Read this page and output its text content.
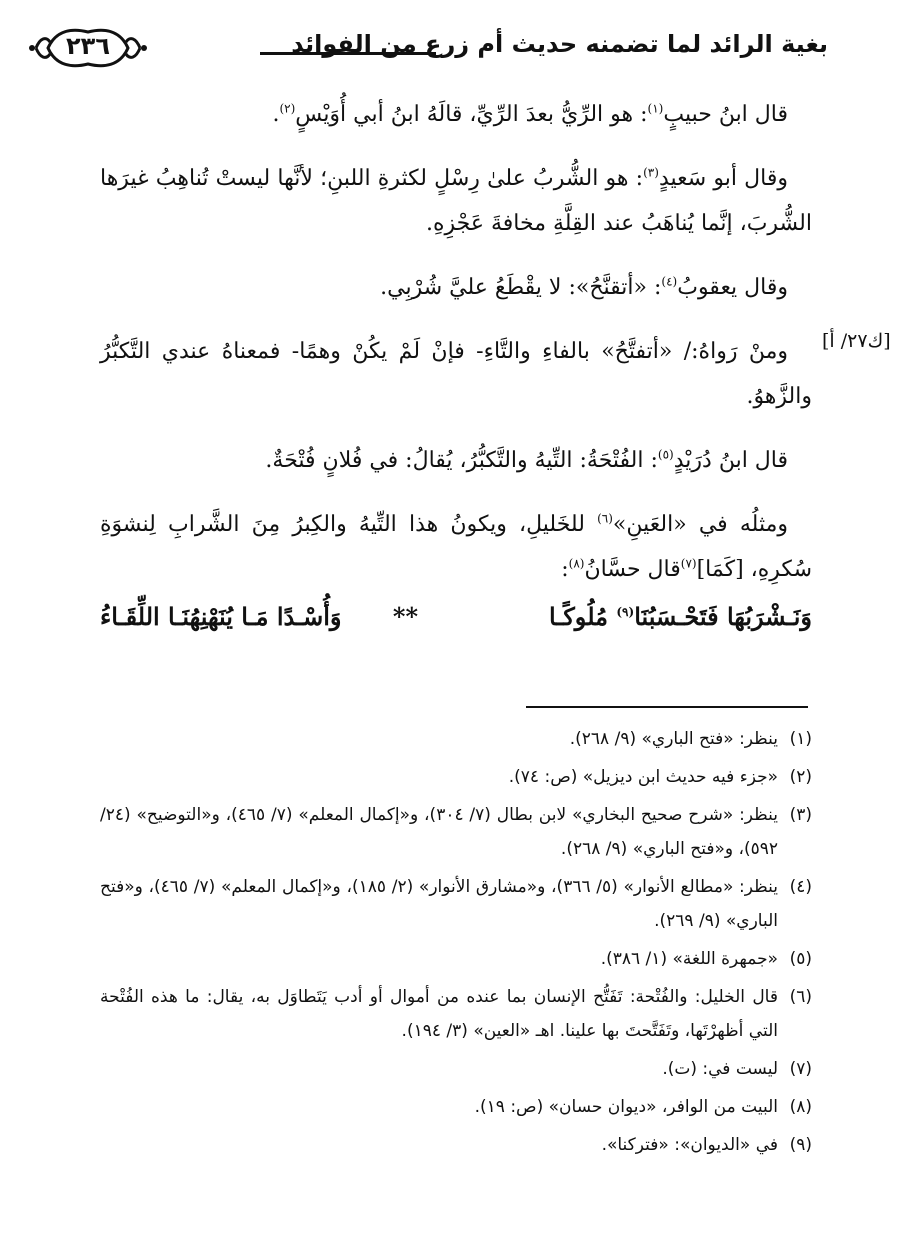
بغية الرائد لما تضمنه حديث أم زرع من الفوائد
٢٣٦
[ك٢٧/ أ]

قال ابنُ حبيبٍ$^{(١)}$: هو الرِّيُّ بعدَ الرِّيِّ، قالَهُ ابنُ أبي أُوَيْسٍ$^{(٢)}$.

وقال أبو سَعيدٍ$^{(٣)}$: هو الشُّربُ علىٰ رِسْلٍ لكثرةِ اللبنِ؛ لأنَّها ليستْ تُناهِبُ غيرَها الشُّربَ، إنَّما يُناهَبُ عند القِلَّةِ مخافةَ عَجْزِهِ.

وقال يعقوبُ$^{(٤)}$: «أتقنَّحُ»: لا يقْطَعُ عليَّ شُرْبِي.

ومنْ رَواهُ:/ «أتفتَّحُ» بالفاءِ والتَّاءِ- فإنْ لَمْ يكُنْ وهمًا- فمعناهُ عندي التَّكبُّرُ والزَّهوُ.

قال ابنُ دُرَيْدٍ$^{(٥)}$: الفُتْحَةُ: التِّيهُ والتَّكبُّرُ، يُقالُ: في فُلانٍ فُتْحَةٌ.

ومثلُه في «العَينِ»$^{(٦)}$ للخَليلِ، ويكونُ هذا التِّيهُ والكِبرُ مِنَ الشَّرابِ لِنشوَةِ سُكرِهِ، [كَمَا]$^{(٧)}$قال حسَّانُ$^{(٨)}$:

وَنَـشْرَبُهَا فَتَحْـسَبُنَا$^{(٩)}$ مُلُوكًـا
**
وَأُسْـدًا مَـا يُنَهْنِهُنَـا اللِّقَـاءُ

(١)
ينظر: «فتح الباري» (٩/ ٢٦٨).

(٢)
«جزء فيه حديث ابن ديزيل» (ص: ٧٤).

(٣)
ينظر: «شرح صحيح البخاري» لابن بطال (٧/ ٣٠٤)، و«إكمال المعلم» (٧/ ٤٦٥)، و«التوضيح» (٢٤/ ٥٩٢)، و«فتح الباري» (٩/ ٢٦٨).

(٤)
ينظر: «مطالع الأنوار» (٥/ ٣٦٦)، و«مشارق الأنوار» (٢/ ١٨٥)، و«إكمال المعلم» (٧/ ٤٦٥)، و«فتح الباري» (٩/ ٢٦٩).

(٥)
«جمهرة اللغة» (١/ ٣٨٦).

(٦)
قال الخليل: والفُتْحة: تَفَتُّح الإنسان بما عنده من أموال أو أدب يَتَطاوَل به، يقال: ما هذه الفُتْحة التي أظهرْتَها، وتَفَتَّحتَ بها علينا. اهـ «العين» (٣/ ١٩٤).

(٧)
ليست في: (ت).

(٨)
البيت من الوافر، «ديوان حسان» (ص: ١٩).

(٩)
في «الديوان»: «فتركنا».
